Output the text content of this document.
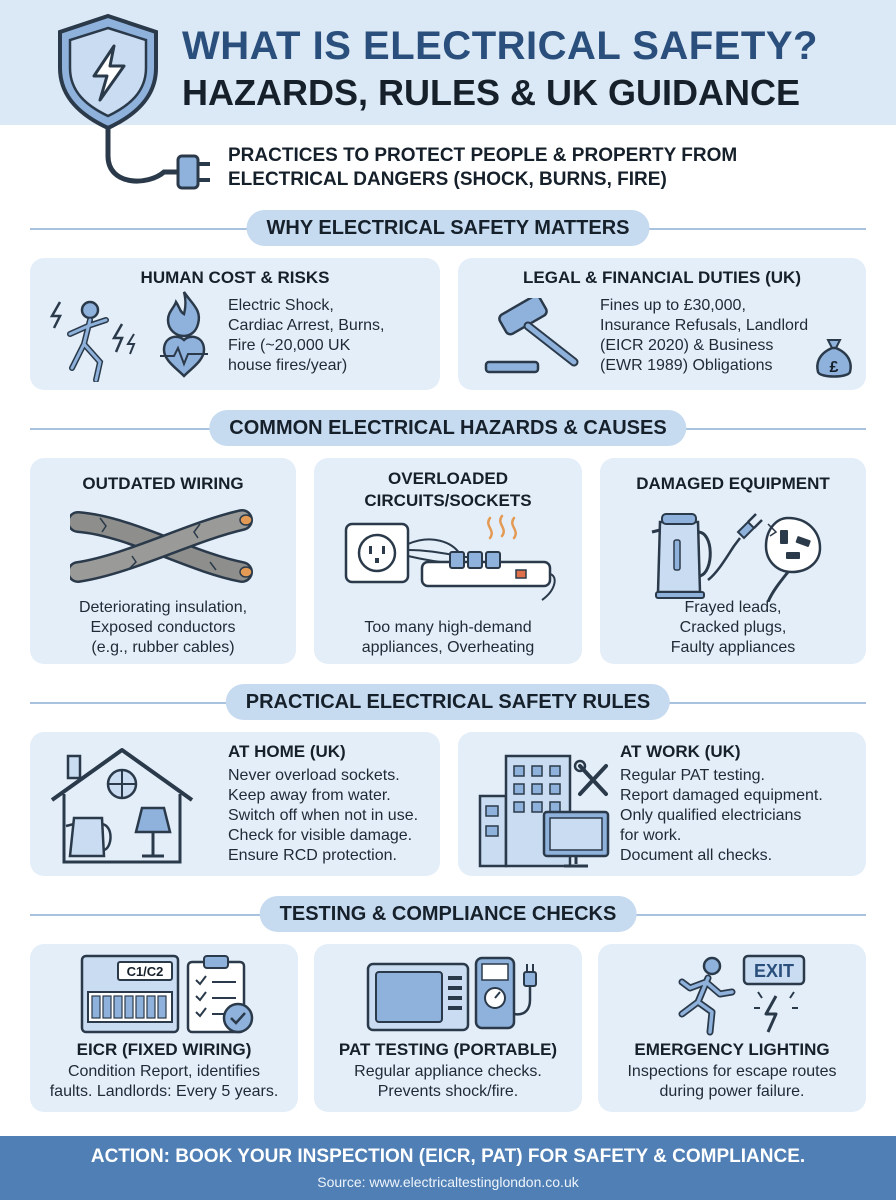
WHAT IS ELECTRICAL SAFETY?
HAZARDS, RULES & UK GUIDANCE
PRACTICES TO PROTECT PEOPLE & PROPERTY FROM
ELECTRICAL DANGERS (SHOCK, BURNS, FIRE)
WHY ELECTRICAL SAFETY MATTERS
HUMAN COST & RISKS
Electric Shock,
Cardiac Arrest, Burns,
Fire (~20,000 UK
house fires/year)
LEGAL & FINANCIAL DUTIES (UK)
Fines up to £30,000,
Insurance Refusals, Landlord
(EICR 2020) & Business
(EWR 1989) Obligations	£
COMMON ELECTRICAL HAZARDS & CAUSES
OUTDATED WIRING
Deteriorating insulation,
Exposed conductors
(e.g., rubber cables)
OVERLOADED
CIRCUITS/SOCKETS
Too many high-demand
appliances, Overheating
DAMAGED EQUIPMENT
Frayed leads,
Cracked plugs,
Faulty appliances
PRACTICAL ELECTRICAL SAFETY RULES
AT HOME (UK)
Never overload sockets.
Keep away from water.
Switch off when not in use.
Check for visible damage.
Ensure RCD protection.
AT WORK (UK)
Regular PAT testing.
Report damaged equipment.
Only qualified electricians
for work.
Document all checks.
TESTING & COMPLIANCE CHECKS
C1/C2
EICR (FIXED WIRING)
Condition Report, identifies
faults. Landlords: Every 5 years.
PAT TESTING (PORTABLE)
Regular appliance checks.
Prevents shock/fire.
EXIT
EMERGENCY LIGHTING
Inspections for escape routes
during power failure.
ACTION: BOOK YOUR INSPECTION (EICR, PAT) FOR SAFETY & COMPLIANCE.
Source: www.electricaltestinglondon.co.uk
